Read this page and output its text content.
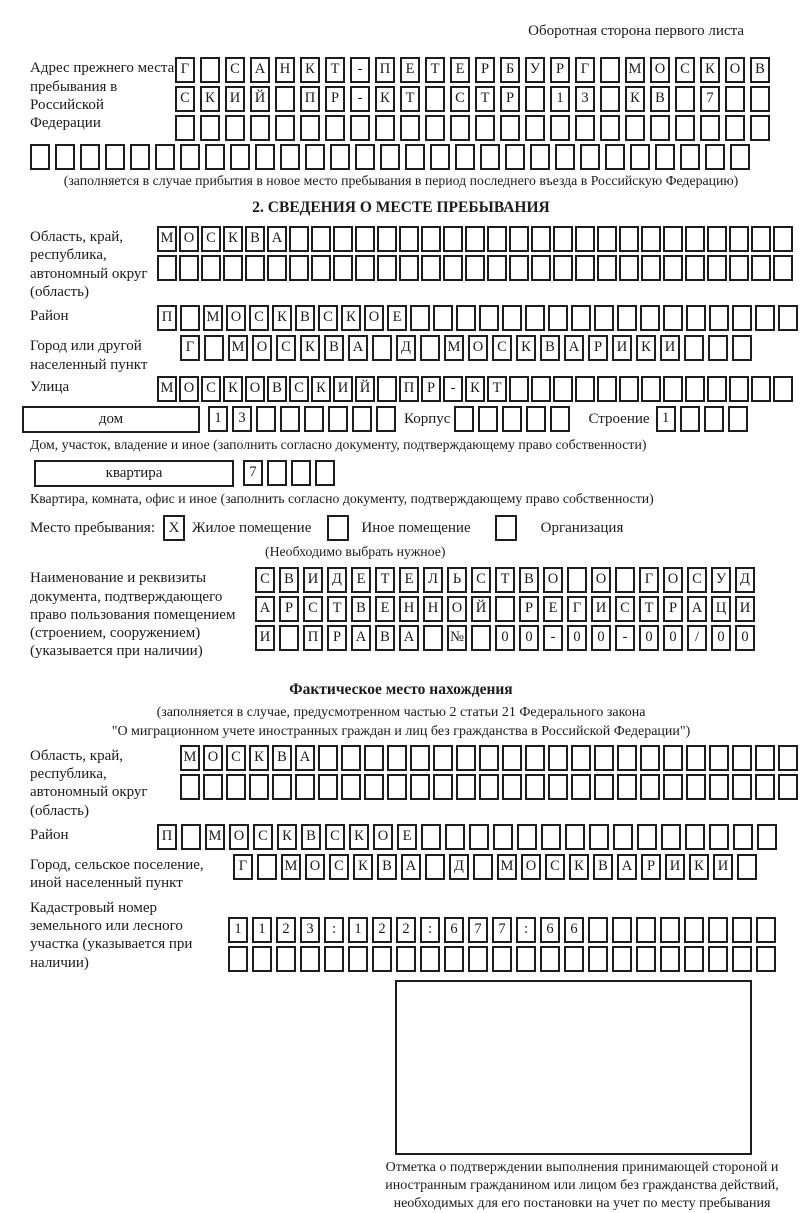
Оборотная сторона первого листа
Адрес прежнего места пребывания в Российской Федерации
Г	С	А	Н	К	Т	-	П	Е	Т	Е	Р	Б	У	Р	Г	М О	С	К	О	В
С	К	И	Й	П	Р	-	К	Т	С	Т	Р	1	3	К	В	7
(заполняется в случае прибытия в новое место пребывания в период последнего въезда в Российскую Федерацию)
2. СВЕДЕНИЯ О МЕСТЕ ПРЕБЫВАНИЯ
Область, край, республика, автономный округ (область)
М О С К В А
Район	П	М О С К В С К О Е
Город или другой населенный пункт
Г	М О С К В А	Д	М О С К В А	Р	И К И
Улица	М О С К О В С К И Й	П Р	-	К Т
дом	1	3	Корпус	Строение 1
Дом, участок, владение и иное (заполнить согласно документу, подтверждающему право собственности)
квартира	7
Квартира, комната, офис и иное (заполнить согласно документу, подтверждающему право собственности)
Место пребывания: X Жилое помещение	Иное помещение	Организация
(Необходимо выбрать нужное)
Наименование и реквизиты документа, подтверждающего право пользования помещением (строением, сооружением) (указывается при наличии)
С В И Д	Е	Т	Е	Л	Ь	С	Т	В О	О	Г	О С У Д
А	Р	С	Т	В	Е Н Н О Й	Р	Е	Г	И С	Т	Р	А Ц И
И	П	Р	А В А	№	0	0	-	0	0	-	0	0	/	0	0
Фактическое место нахождения
(заполняется в случае, предусмотренном частью 2 статьи 21 Федерального закона
"О миграционном учете иностранных граждан и лиц без гражданства в Российской Федерации")
Область, край, республика, автономный округ (область)
М О С К В А
Район	П	М О С К В С К О Е
Город, сельское поселение, иной населенный пункт
Г	М О С К В А	Д	М О С К В А	Р	И К И
Кадастровый номер земельного или лесного участка (указывается при наличии)
1	1	2	3	:	1	2	2	:	6	7	7	:	6	6
Отметка о подтверждении выполнения принимающей стороной и иностранным гражданином или лицом без гражданства действий, необходимых для его постановки на учет по месту пребывания
